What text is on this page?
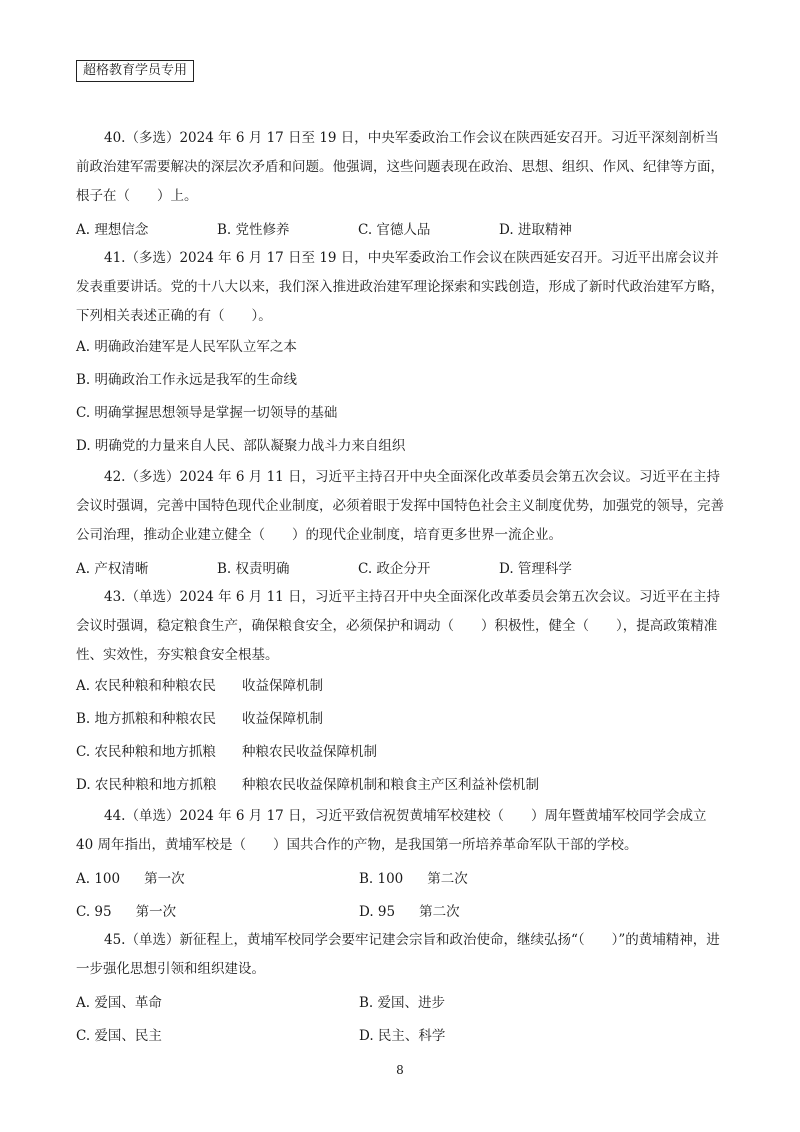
超格教育学员专用

40.（多选）2024 年 6 月 17 日至 19 日，中央军委政治工作会议在陕西延安召开。习近平深刻剖析当前政治建军需要解决的深层次矛盾和问题。他强调，这些问题表现在政治、思想、组织、作风、纪律等方面，根子在（　　）上。

A. 理想信念	B. 党性修养	C. 官德人品	D. 进取精神

41.（多选）2024 年 6 月 17 日至 19 日，中央军委政治工作会议在陕西延安召开。习近平出席会议并发表重要讲话。党的十八大以来，我们深入推进政治建军理论探索和实践创造，形成了新时代政治建军方略，下列相关表述正确的有（　　）。

A. 明确政治建军是人民军队立军之本
B. 明确政治工作永远是我军的生命线
C. 明确掌握思想领导是掌握一切领导的基础
D. 明确党的力量来自人民、部队凝聚力战斗力来自组织

42.（多选）2024 年 6 月 11 日，习近平主持召开中央全面深化改革委员会第五次会议。习近平在主持会议时强调，完善中国特色现代企业制度，必须着眼于发挥中国特色社会主义制度优势，加强党的领导，完善公司治理，推动企业建立健全（　　）的现代企业制度，培育更多世界一流企业。

A. 产权清晰	B. 权责明确	C. 政企分开	D. 管理科学

43.（单选）2024 年 6 月 11 日，习近平主持召开中央全面深化改革委员会第五次会议。习近平在主持会议时强调，稳定粮食生产，确保粮食安全，必须保护和调动（　　）积极性，健全（　　），提高政策精准性、实效性，夯实粮食安全根基。

A. 农民种粮和种粮农民 收益保障机制
B. 地方抓粮和种粮农民 收益保障机制
C. 农民种粮和地方抓粮 种粮农民收益保障机制
D. 农民种粮和地方抓粮 种粮农民收益保障机制和粮食主产区利益补偿机制

44.（单选）2024 年 6 月 17 日，习近平致信祝贺黄埔军校建校（　　）周年暨黄埔军校同学会成立 40 周年指出，黄埔军校是（　　）国共合作的产物，是我国第一所培养革命军队干部的学校。

A. 100 第一次	B. 100 第二次
C. 95 第一次	D. 95 第二次

45.（单选）新征程上，黄埔军校同学会要牢记建会宗旨和政治使命，继续弘扬“（　　）”的黄埔精神，进一步强化思想引领和组织建设。

A. 爱国、革命	B. 爱国、进步
C. 爱国、民主	D. 民主、科学
8
